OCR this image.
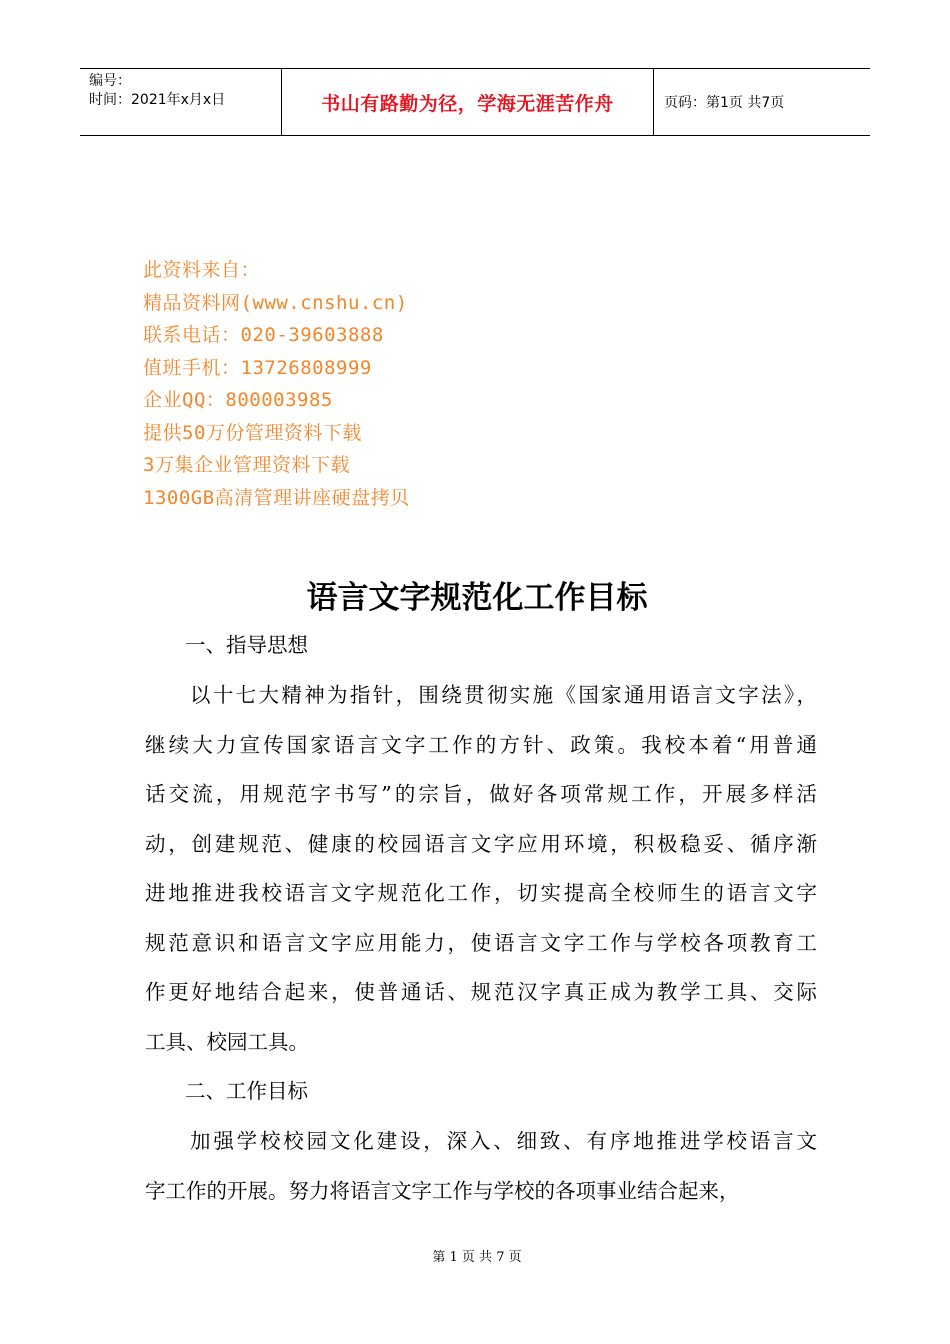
编号：
时间：2021年x月x日	书山有路勤为径，学海无涯苦作舟	页码：第1页 共7页

此资料来自：

精品资料网(www.cnshu.cn)

联系电话：020-39603888

值班手机：13726808999

企业QQ：800003985

提供50万份管理资料下载

3万集企业管理资料下载

1300GB高清管理讲座硬盘拷贝

语言文字规范化工作目标

一、指导思想

以十七大精神为指针，围绕贯彻实施《国家通用语言文字法》，

继续大力宣传国家语言文字工作的方针、政策。我校本着“用普通

话交流，用规范字书写”的宗旨，做好各项常规工作，开展多样活

动，创建规范、健康的校园语言文字应用环境，积极稳妥、循序渐

进地推进我校语言文字规范化工作，切实提高全校师生的语言文字

规范意识和语言文字应用能力，使语言文字工作与学校各项教育工

作更好地结合起来，使普通话、规范汉字真正成为教学工具、交际

工具、校园工具。

二、工作目标

加强学校校园文化建设，深入、细致、有序地推进学校语言文

字工作的开展。努力将语言文字工作与学校的各项事业结合起来，

第 1 页 共 7 页
